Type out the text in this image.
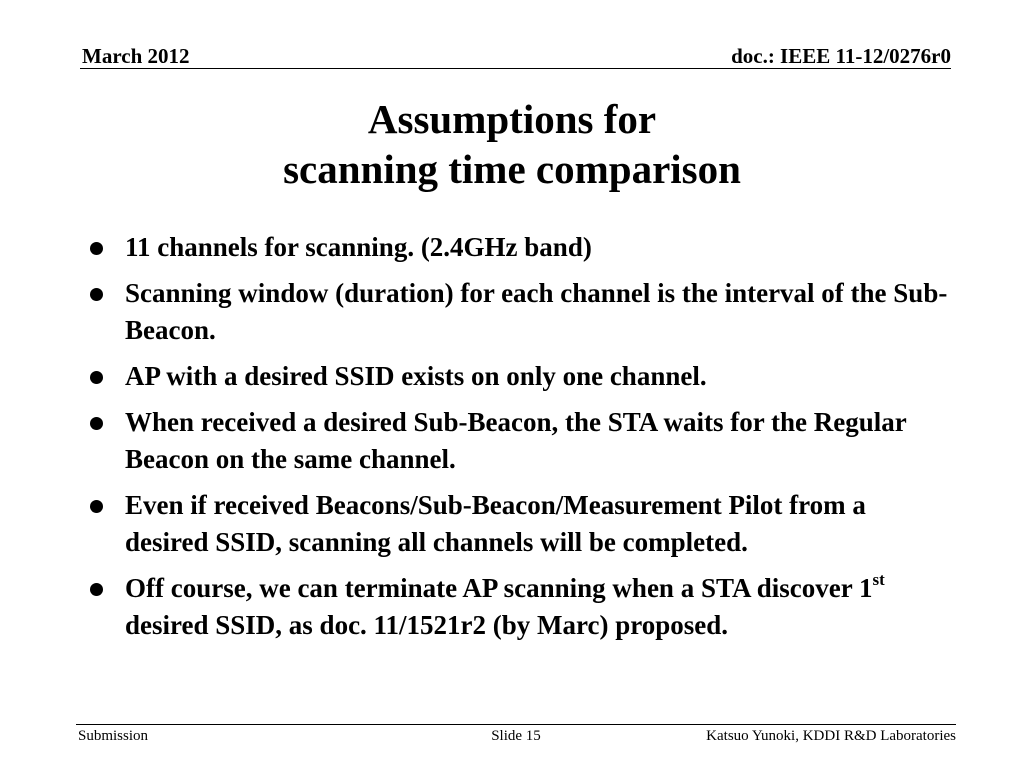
March 2012	doc.: IEEE 11-12/0276r0
Assumptions for
scanning time comparison
11 channels for scanning. (2.4GHz band)
Scanning window (duration) for each channel is the interval of the Sub-Beacon.
AP with a desired SSID exists on only one channel.
When received a desired Sub-Beacon, the STA waits for the Regular Beacon on the same channel.
Even if received Beacons/Sub-Beacon/Measurement Pilot from a desired SSID, scanning all channels will be completed.
Off course, we can terminate AP scanning when a STA discover 1st desired SSID, as doc. 11/1521r2 (by Marc) proposed.
Submission	Slide 15	Katsuo Yunoki, KDDI R&D Laboratories
